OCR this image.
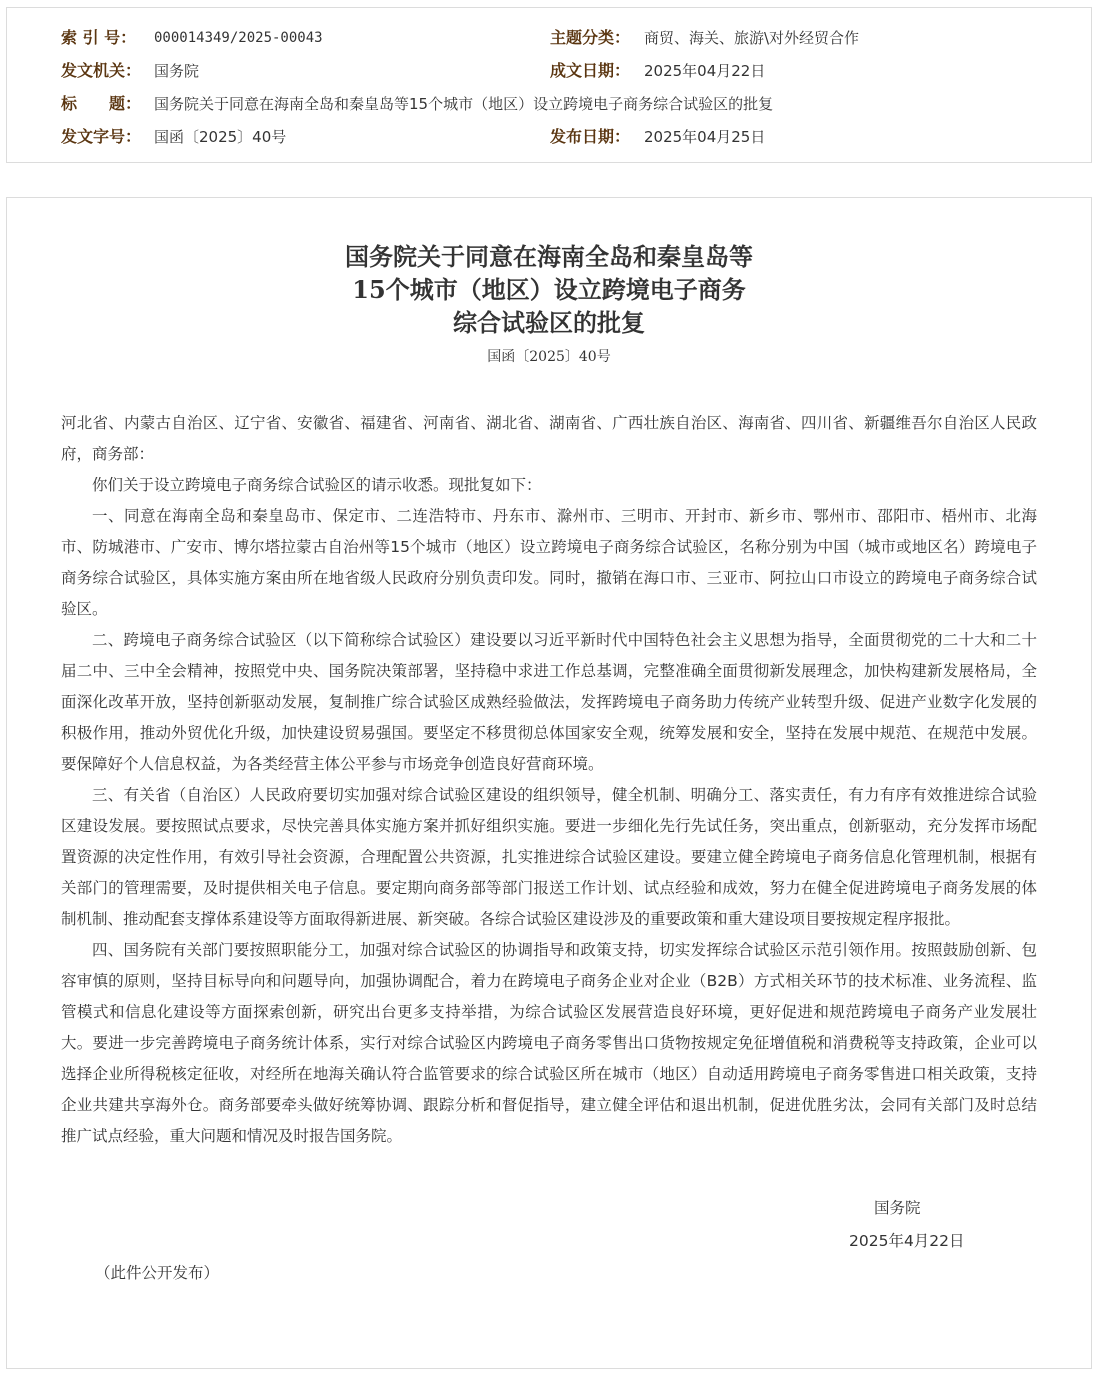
索 引 号： 000014349/2025-00043	主题分类： 商贸、海关、旅游\对外经贸合作
发文机关： 国务院	成文日期： 2025年04月22日
标　　题： 国务院关于同意在海南全岛和秦皇岛等15个城市（地区）设立跨境电子商务综合试验区的批复
发文字号： 国函〔2025〕40号	发布日期： 2025年04月25日
国务院关于同意在海南全岛和秦皇岛等
15个城市（地区）设立跨境电子商务
综合试验区的批复
国函〔2025〕40号

河北省、内蒙古自治区、辽宁省、安徽省、福建省、河南省、湖北省、湖南省、广西壮族自治区、海南省、四川省、新疆维吾尔自治区人民政府，商务部：

你们关于设立跨境电子商务综合试验区的请示收悉。现批复如下：

一、同意在海南全岛和秦皇岛市、保定市、二连浩特市、丹东市、滁州市、三明市、开封市、新乡市、鄂州市、邵阳市、梧州市、北海市、防城港市、广安市、博尔塔拉蒙古自治州等15个城市（地区）设立跨境电子商务综合试验区，名称分别为中国（城市或地区名）跨境电子商务综合试验区，具体实施方案由所在地省级人民政府分别负责印发。同时，撤销在海口市、三亚市、阿拉山口市设立的跨境电子商务综合试验区。

二、跨境电子商务综合试验区（以下简称综合试验区）建设要以习近平新时代中国特色社会主义思想为指导，全面贯彻党的二十大和二十届二中、三中全会精神，按照党中央、国务院决策部署，坚持稳中求进工作总基调，完整准确全面贯彻新发展理念，加快构建新发展格局，全面深化改革开放，坚持创新驱动发展，复制推广综合试验区成熟经验做法，发挥跨境电子商务助力传统产业转型升级、促进产业数字化发展的积极作用，推动外贸优化升级，加快建设贸易强国。要坚定不移贯彻总体国家安全观，统筹发展和安全，坚持在发展中规范、在规范中发展。要保障好个人信息权益，为各类经营主体公平参与市场竞争创造良好营商环境。

三、有关省（自治区）人民政府要切实加强对综合试验区建设的组织领导，健全机制、明确分工、落实责任，有力有序有效推进综合试验区建设发展。要按照试点要求，尽快完善具体实施方案并抓好组织实施。要进一步细化先行先试任务，突出重点，创新驱动，充分发挥市场配置资源的决定性作用，有效引导社会资源，合理配置公共资源，扎实推进综合试验区建设。要建立健全跨境电子商务信息化管理机制，根据有关部门的管理需要，及时提供相关电子信息。要定期向商务部等部门报送工作计划、试点经验和成效，努力在健全促进跨境电子商务发展的体制机制、推动配套支撑体系建设等方面取得新进展、新突破。各综合试验区建设涉及的重要政策和重大建设项目要按规定程序报批。

四、国务院有关部门要按照职能分工，加强对综合试验区的协调指导和政策支持，切实发挥综合试验区示范引领作用。按照鼓励创新、包容审慎的原则，坚持目标导向和问题导向，加强协调配合，着力在跨境电子商务企业对企业（B2B）方式相关环节的技术标准、业务流程、监管模式和信息化建设等方面探索创新，研究出台更多支持举措，为综合试验区发展营造良好环境，更好促进和规范跨境电子商务产业发展壮大。要进一步完善跨境电子商务统计体系，实行对综合试验区内跨境电子商务零售出口货物按规定免征增值税和消费税等支持政策，企业可以选择企业所得税核定征收，对经所在地海关确认符合监管要求的综合试验区所在城市（地区）自动适用跨境电子商务零售进口相关政策，支持企业共建共享海外仓。商务部要牵头做好统筹协调、跟踪分析和督促指导，建立健全评估和退出机制，促进优胜劣汰，会同有关部门及时总结推广试点经验，重大问题和情况及时报告国务院。

国务院
2025年4月22日
（此件公开发布）
